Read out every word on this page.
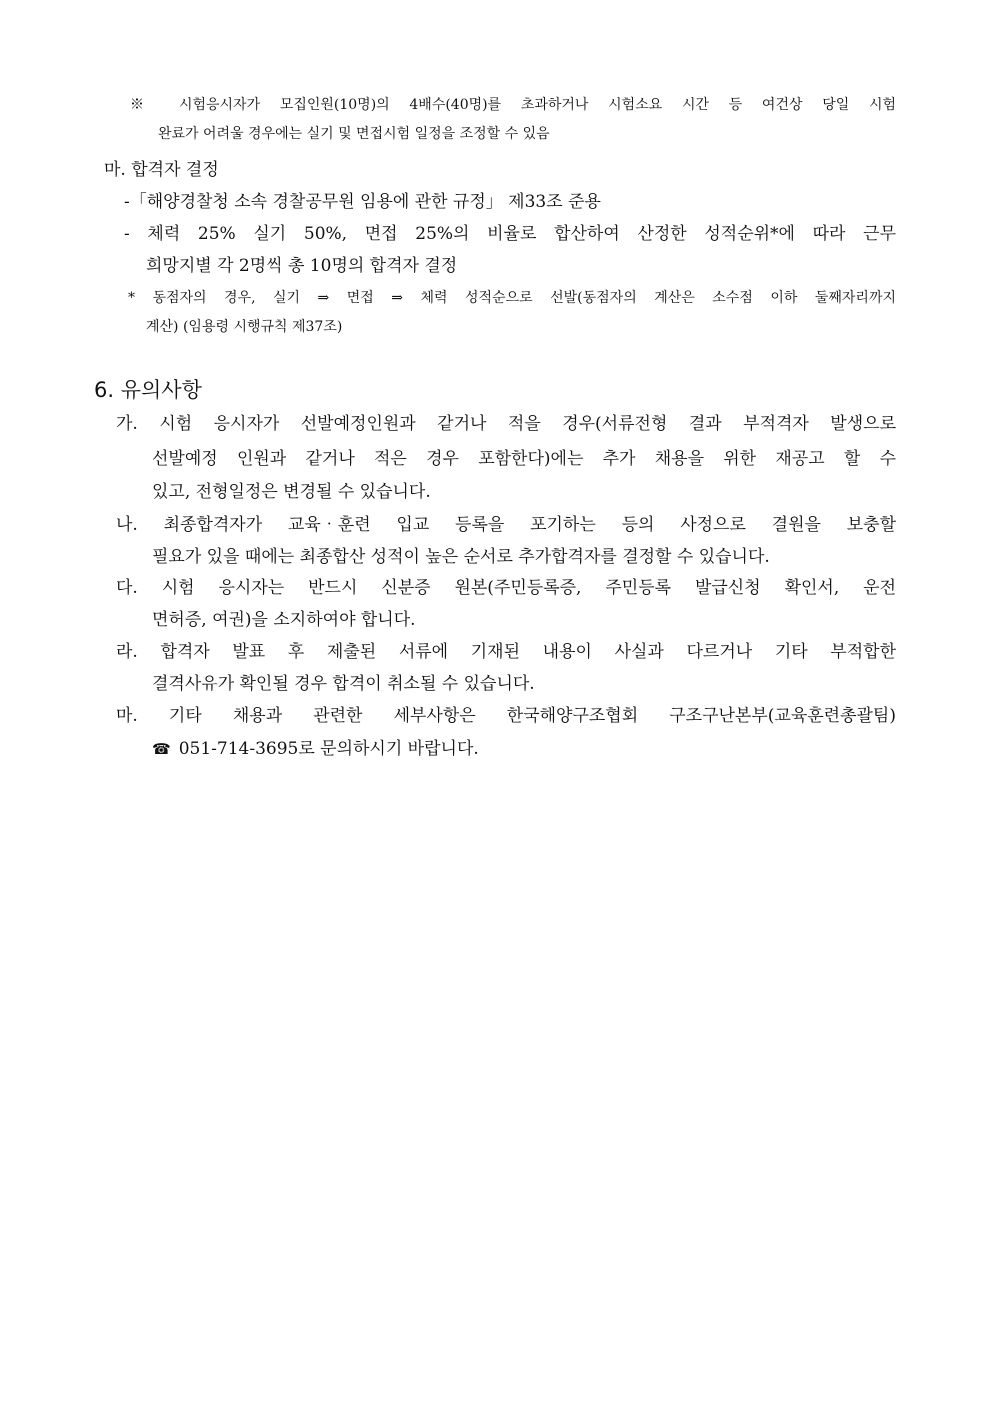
※ 시험응시자가 모집인원(10명)의 4배수(40명)를 초과하거나 시험소요 시간 등 여건상 당일 시험

완료가 어려울 경우에는 실기 및 면접시험 일정을 조정할 수 있음

마. 합격자 결정

-「해양경찰청 소속 경찰공무원 임용에 관한 규정」 제33조 준용

- 체력 25% 실기 50%, 면접 25%의 비율로 합산하여 산정한 성적순위*에 따라 근무

희망지별 각 2명씩 총 10명의 합격자 결정

* 동점자의 경우, 실기 ⇒ 면접 ⇒ 체력 성적순으로 선발(동점자의 계산은 소수점 이하 둘째자리까지

계산) (임용령 시행규칙 제37조)

6. 유의사항

가. 시험 응시자가 선발예정인원과 같거나 적을 경우(서류전형 결과 부적격자 발생으로

선발예정 인원과 같거나 적은 경우 포함한다)에는 추가 채용을 위한 재공고 할 수

있고, 전형일정은 변경될 수 있습니다.

나. 최종합격자가 교육‧훈련 입교 등록을 포기하는 등의 사정으로 결원을 보충할

필요가 있을 때에는 최종합산 성적이 높은 순서로 추가합격자를 결정할 수 있습니다.

다. 시험 응시자는 반드시 신분증 원본(주민등록증, 주민등록 발급신청 확인서, 운전

면허증, 여권)을 소지하여야 합니다.

라. 합격자 발표 후 제출된 서류에 기재된 내용이 사실과 다르거나 기타 부적합한

결격사유가 확인될 경우 합격이 취소될 수 있습니다.

마. 기타 채용과 관련한 세부사항은 한국해양구조협회 구조구난본부(교육훈련총괄팀)

☎ 051-714-3695로 문의하시기 바랍니다.
